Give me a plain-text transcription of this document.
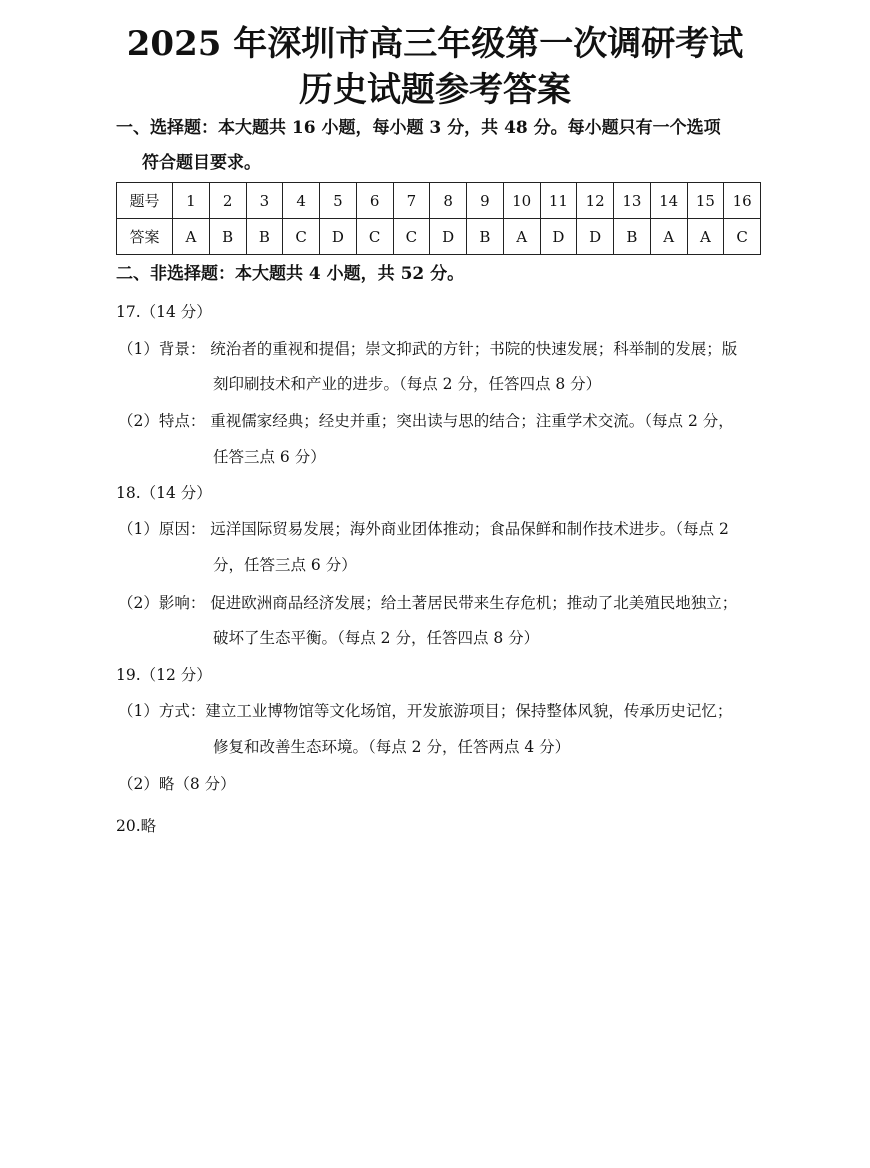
2025 年深圳市高三年级第一次调研考试
历史试题参考答案
一、选择题：本大题共 16 小题，每小题 3 分，共 48 分。每小题只有一个选项
符合题目要求。
题号	1	2	3	4	5	6	7	8	9	10	11	12	13	14	15	16
答案	A	B	B	C	D	C	C	D	B	A	D	D	B	A	A	C
二、非选择题：本大题共 4 小题，共 52 分。
17.（14 分）
（1）背景： 统治者的重视和提倡；崇文抑武的方针；书院的快速发展；科举制的发展；版
刻印刷技术和产业的进步。（每点 2 分，任答四点 8 分）
（2）特点： 重视儒家经典；经史并重；突出读与思的结合；注重学术交流。（每点 2 分，
任答三点 6 分）
18.（14 分）
（1）原因： 远洋国际贸易发展；海外商业团体推动；食品保鲜和制作技术进步。（每点 2
分，任答三点 6 分）
（2）影响： 促进欧洲商品经济发展；给土著居民带来生存危机；推动了北美殖民地独立；
破坏了生态平衡。（每点 2 分，任答四点 8 分）
19.（12 分）
（1）方式：建立工业博物馆等文化场馆，开发旅游项目；保持整体风貌，传承历史记忆；
修复和改善生态环境。（每点 2 分，任答两点 4 分）
（2）略（8 分）
20.略
